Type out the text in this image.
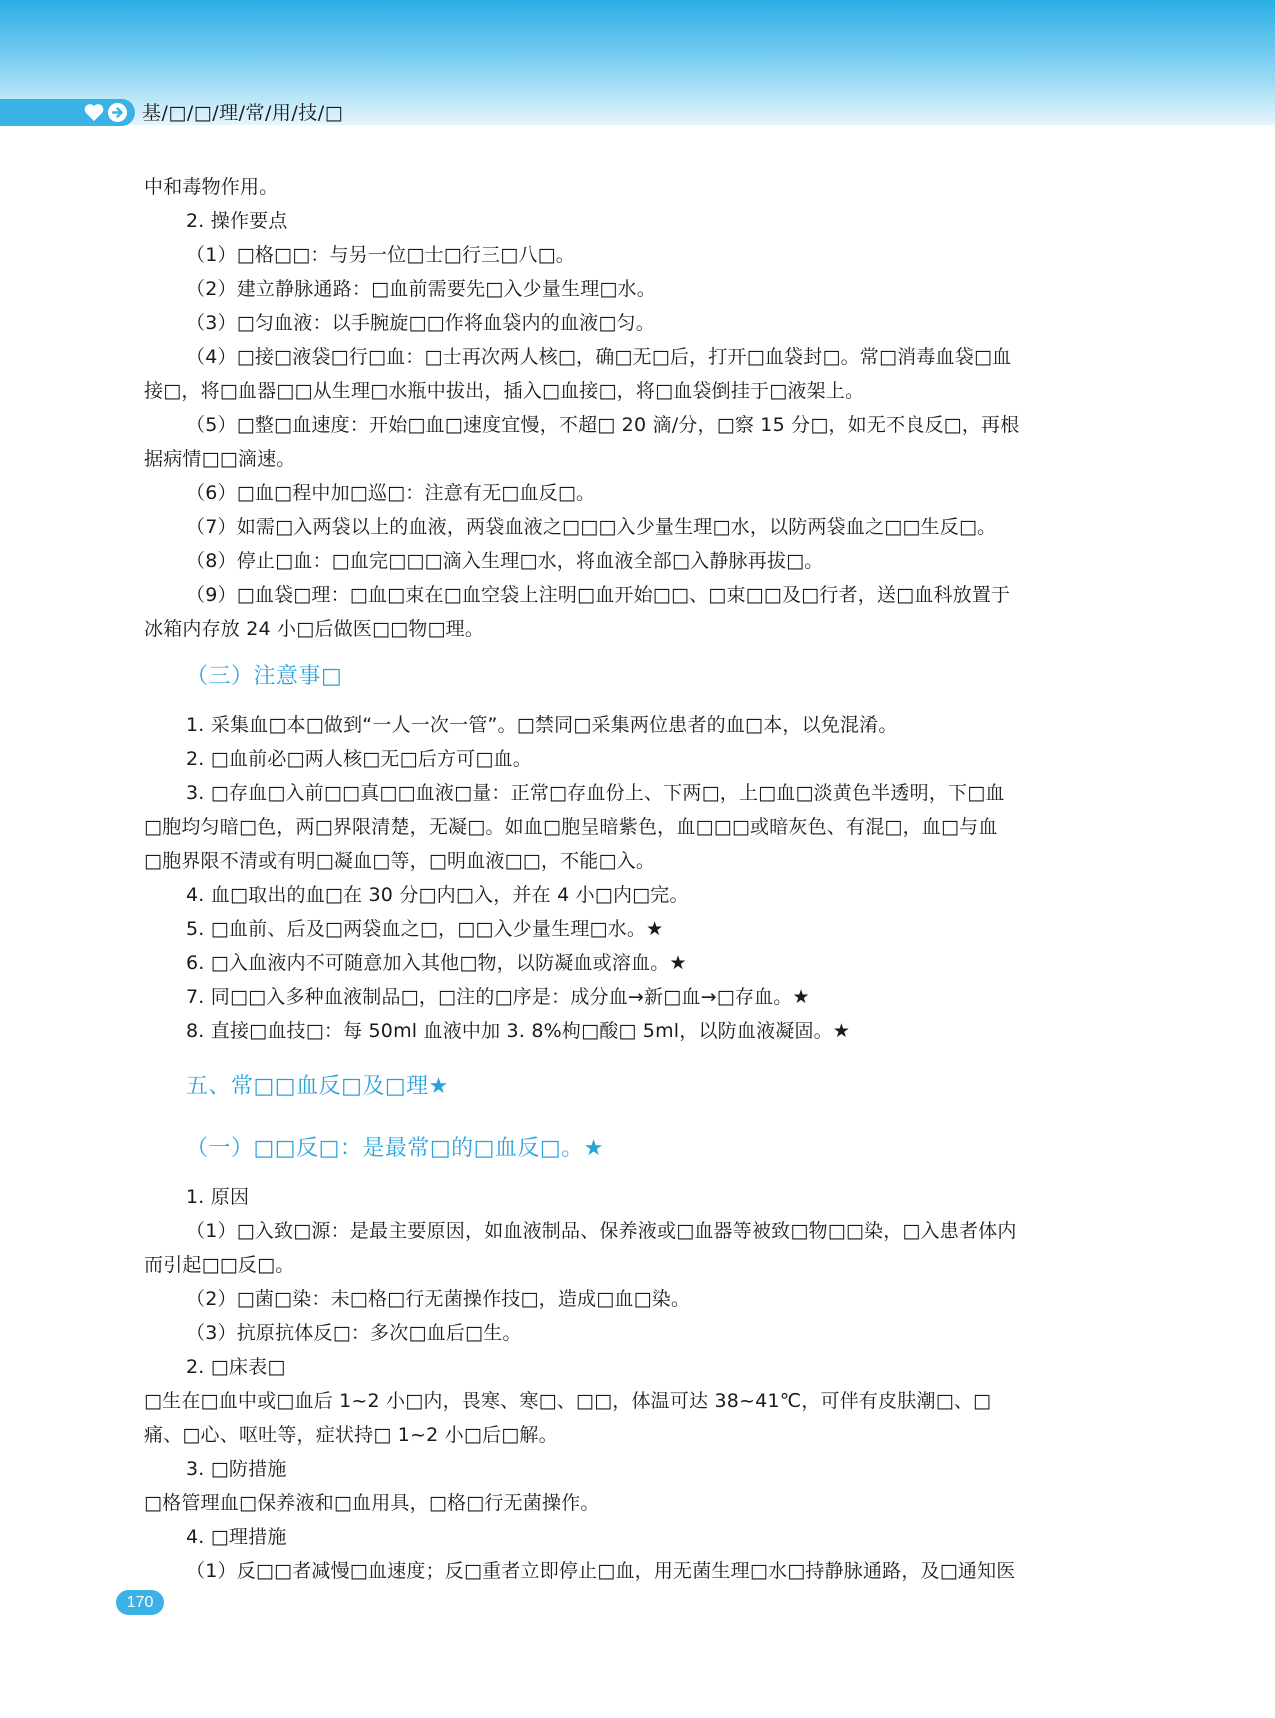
基/□/□/理/常/用/技/□
中和毒物作用。
2. 操作要点
（1）□格□□：与另一位□士□行三□八□。
（2）建立静脉通路：□血前需要先□入少量生理□水。
（3）□匀血液：以手腕旋□□作将血袋内的血液□匀。
（4）□接□液袋□行□血：□士再次两人核□，确□无□后，打开□血袋封□。常□消毒血袋□血
接□，将□血器□□从生理□水瓶中拔出，插入□血接□，将□血袋倒挂于□液架上。
（5）□整□血速度：开始□血□速度宜慢，不超□ 20 滴/分，□察 15 分□，如无不良反□，再根
据病情□□滴速。
（6）□血□程中加□巡□：注意有无□血反□。
（7）如需□入两袋以上的血液，两袋血液之□□□入少量生理□水，以防两袋血之□□生反□。
（8）停止□血：□血完□□□滴入生理□水，将血液全部□入静脉再拔□。
（9）□血袋□理：□血□束在□血空袋上注明□血开始□□、□束□□及□行者，送□血科放置于
冰箱内存放 24 小□后做医□□物□理。
（三）注意事□
1. 采集血□本□做到“一人一次一管”。□禁同□采集两位患者的血□本，以免混淆。
2. □血前必□两人核□无□后方可□血。
3. □存血□入前□□真□□血液□量：正常□存血份上、下两□，上□血□淡黄色半透明，下□血
□胞均匀暗□色，两□界限清楚，无凝□。如血□胞呈暗紫色，血□□□或暗灰色、有混□，血□与血
□胞界限不清或有明□凝血□等，□明血液□□，不能□入。
4. 血□取出的血□在 30 分□内□入，并在 4 小□内□完。
5. □血前、后及□两袋血之□，□□入少量生理□水。★
6. □入血液内不可随意加入其他□物，以防凝血或溶血。★
7. 同□□入多种血液制品□，□注的□序是：成分血→新□血→□存血。★
8. 直接□血技□：每 50ml 血液中加 3. 8%枸□酸□ 5ml，以防血液凝固。★
五、常□□血反□及□理★
（一）□□反□：是最常□的□血反□。★
1. 原因
（1）□入致□源：是最主要原因，如血液制品、保养液或□血器等被致□物□□染，□入患者体内
而引起□□反□。
（2）□菌□染：未□格□行无菌操作技□，造成□血□染。
（3）抗原抗体反□：多次□血后□生。
2. □床表□
□生在□血中或□血后 1~2 小□内，畏寒、寒□、□□，体温可达 38~41℃，可伴有皮肤潮□、□
痛、□心、呕吐等，症状持□ 1~2 小□后□解。
3. □防措施
□格管理血□保养液和□血用具，□格□行无菌操作。
4. □理措施
（1）反□□者减慢□血速度；反□重者立即停止□血，用无菌生理□水□持静脉通路，及□通知医
170
